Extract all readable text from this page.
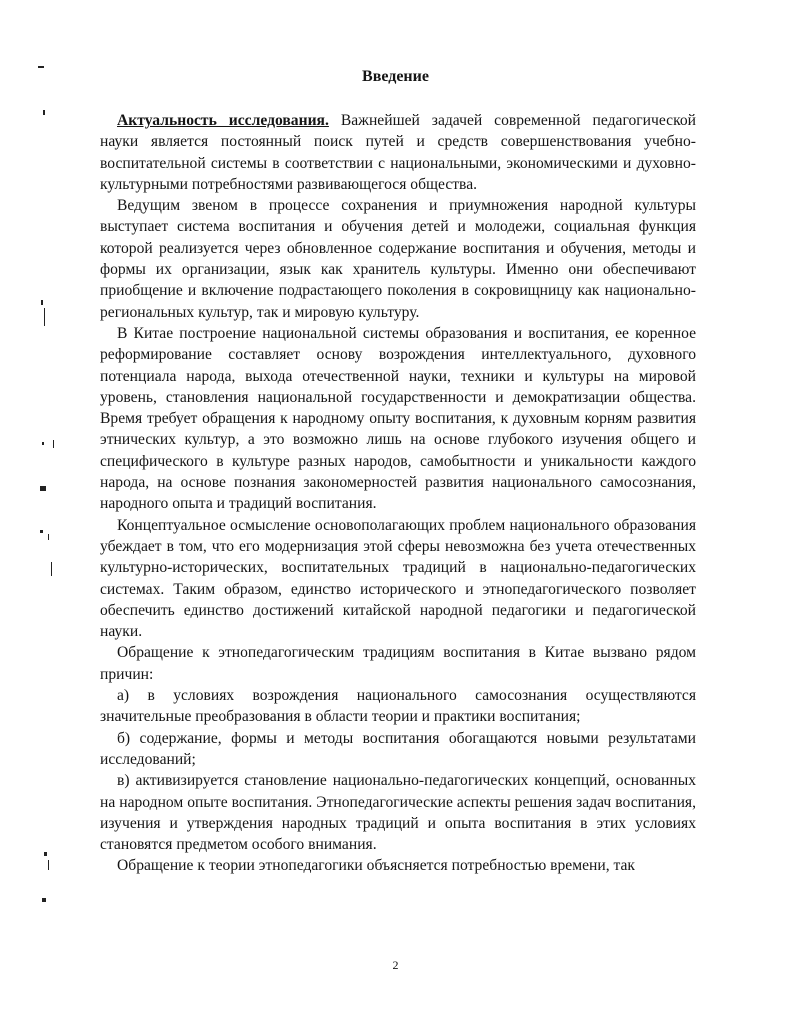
Введение

Актуальность исследования. Важнейшей задачей современной педагогической науки является постоянный поиск путей и средств совершенствования учебно-воспитательной системы в соответствии с национальными, экономическими и духовно-культурными потребностями развивающегося общества.

Ведущим звеном в процессе сохранения и приумножения народной культуры выступает система воспитания и обучения детей и молодежи, социальная функция которой реализуется через обновленное содержание воспитания и обучения, методы и формы их организации, язык как хранитель культуры. Именно они обеспечивают приобщение и включение подрастающего поколения в сокровищницу как национально-региональных культур, так и мировую культуру.

В Китае построение национальной системы образования и воспитания, ее коренное реформирование составляет основу возрождения интеллектуального, духовного потенциала народа, выхода отечественной науки, техники и культуры на мировой уровень, становления национальной государственности и демократизации общества. Время требует обращения к народному опыту воспитания, к духовным корням развития этнических культур, а это возможно лишь на основе глубокого изучения общего и специфического в культуре разных народов, самобытности и уникальности каждого народа, на основе познания закономерностей развития национального самосознания, народного опыта и традиций воспитания.

Концептуальное осмысление основополагающих проблем национального образования убеждает в том, что его модернизация этой сферы невозможна без учета отечественных культурно-исторических, воспитательных традиций в национально-педагогических системах. Таким образом, единство исторического и этнопедагогического позволяет обеспечить единство достижений китайской народной педагогики и педагогической науки.

Обращение к этнопедагогическим традициям воспитания в Китае вызвано рядом причин:

а) в условиях возрождения национального самосознания осуществляются значительные преобразования в области теории и практики воспитания;

б) содержание, формы и методы воспитания обогащаются новыми результатами исследований;

в) активизируется становление национально-педагогических концепций, основанных на народном опыте воспитания. Этнопедагогические аспекты решения задач воспитания, изучения и утверждения народных традиций и опыта воспитания в этих условиях становятся предметом особого внимания.

Обращение к теории этнопедагогики объясняется потребностью времени, так

2
